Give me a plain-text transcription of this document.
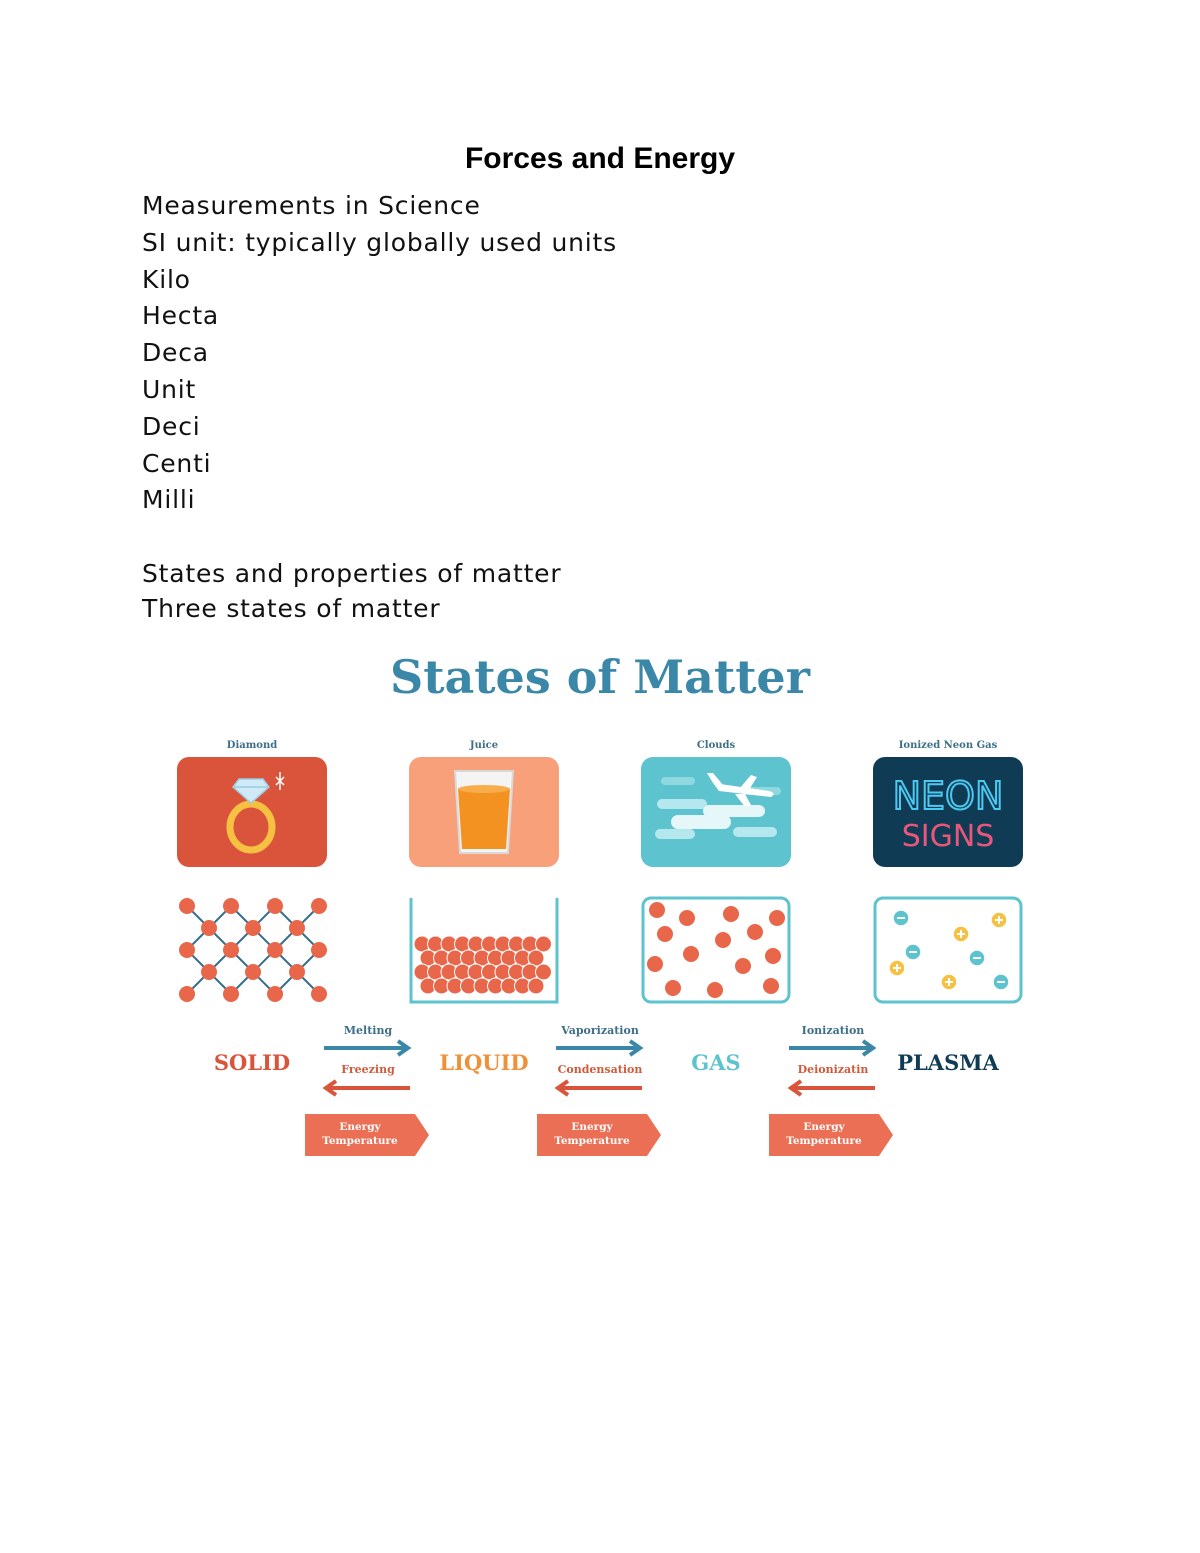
Forces and Energy
Measurements in Science
SI unit: typically globally used units
Kilo
Hecta
Deca
Unit
Deci
Centi
Milli
States and properties of matter
Three states of matter
States of Matter
Diamond	Juice	Clouds	Ionized Neon Gas
NEON
SIGNS
SOLID	LIQUID	GAS	PLASMA
Melting
Freezing
Vaporization
Condensation
Ionization
Deionizatin
Energy
Temperature
Energy
Temperature
Energy
Temperature
